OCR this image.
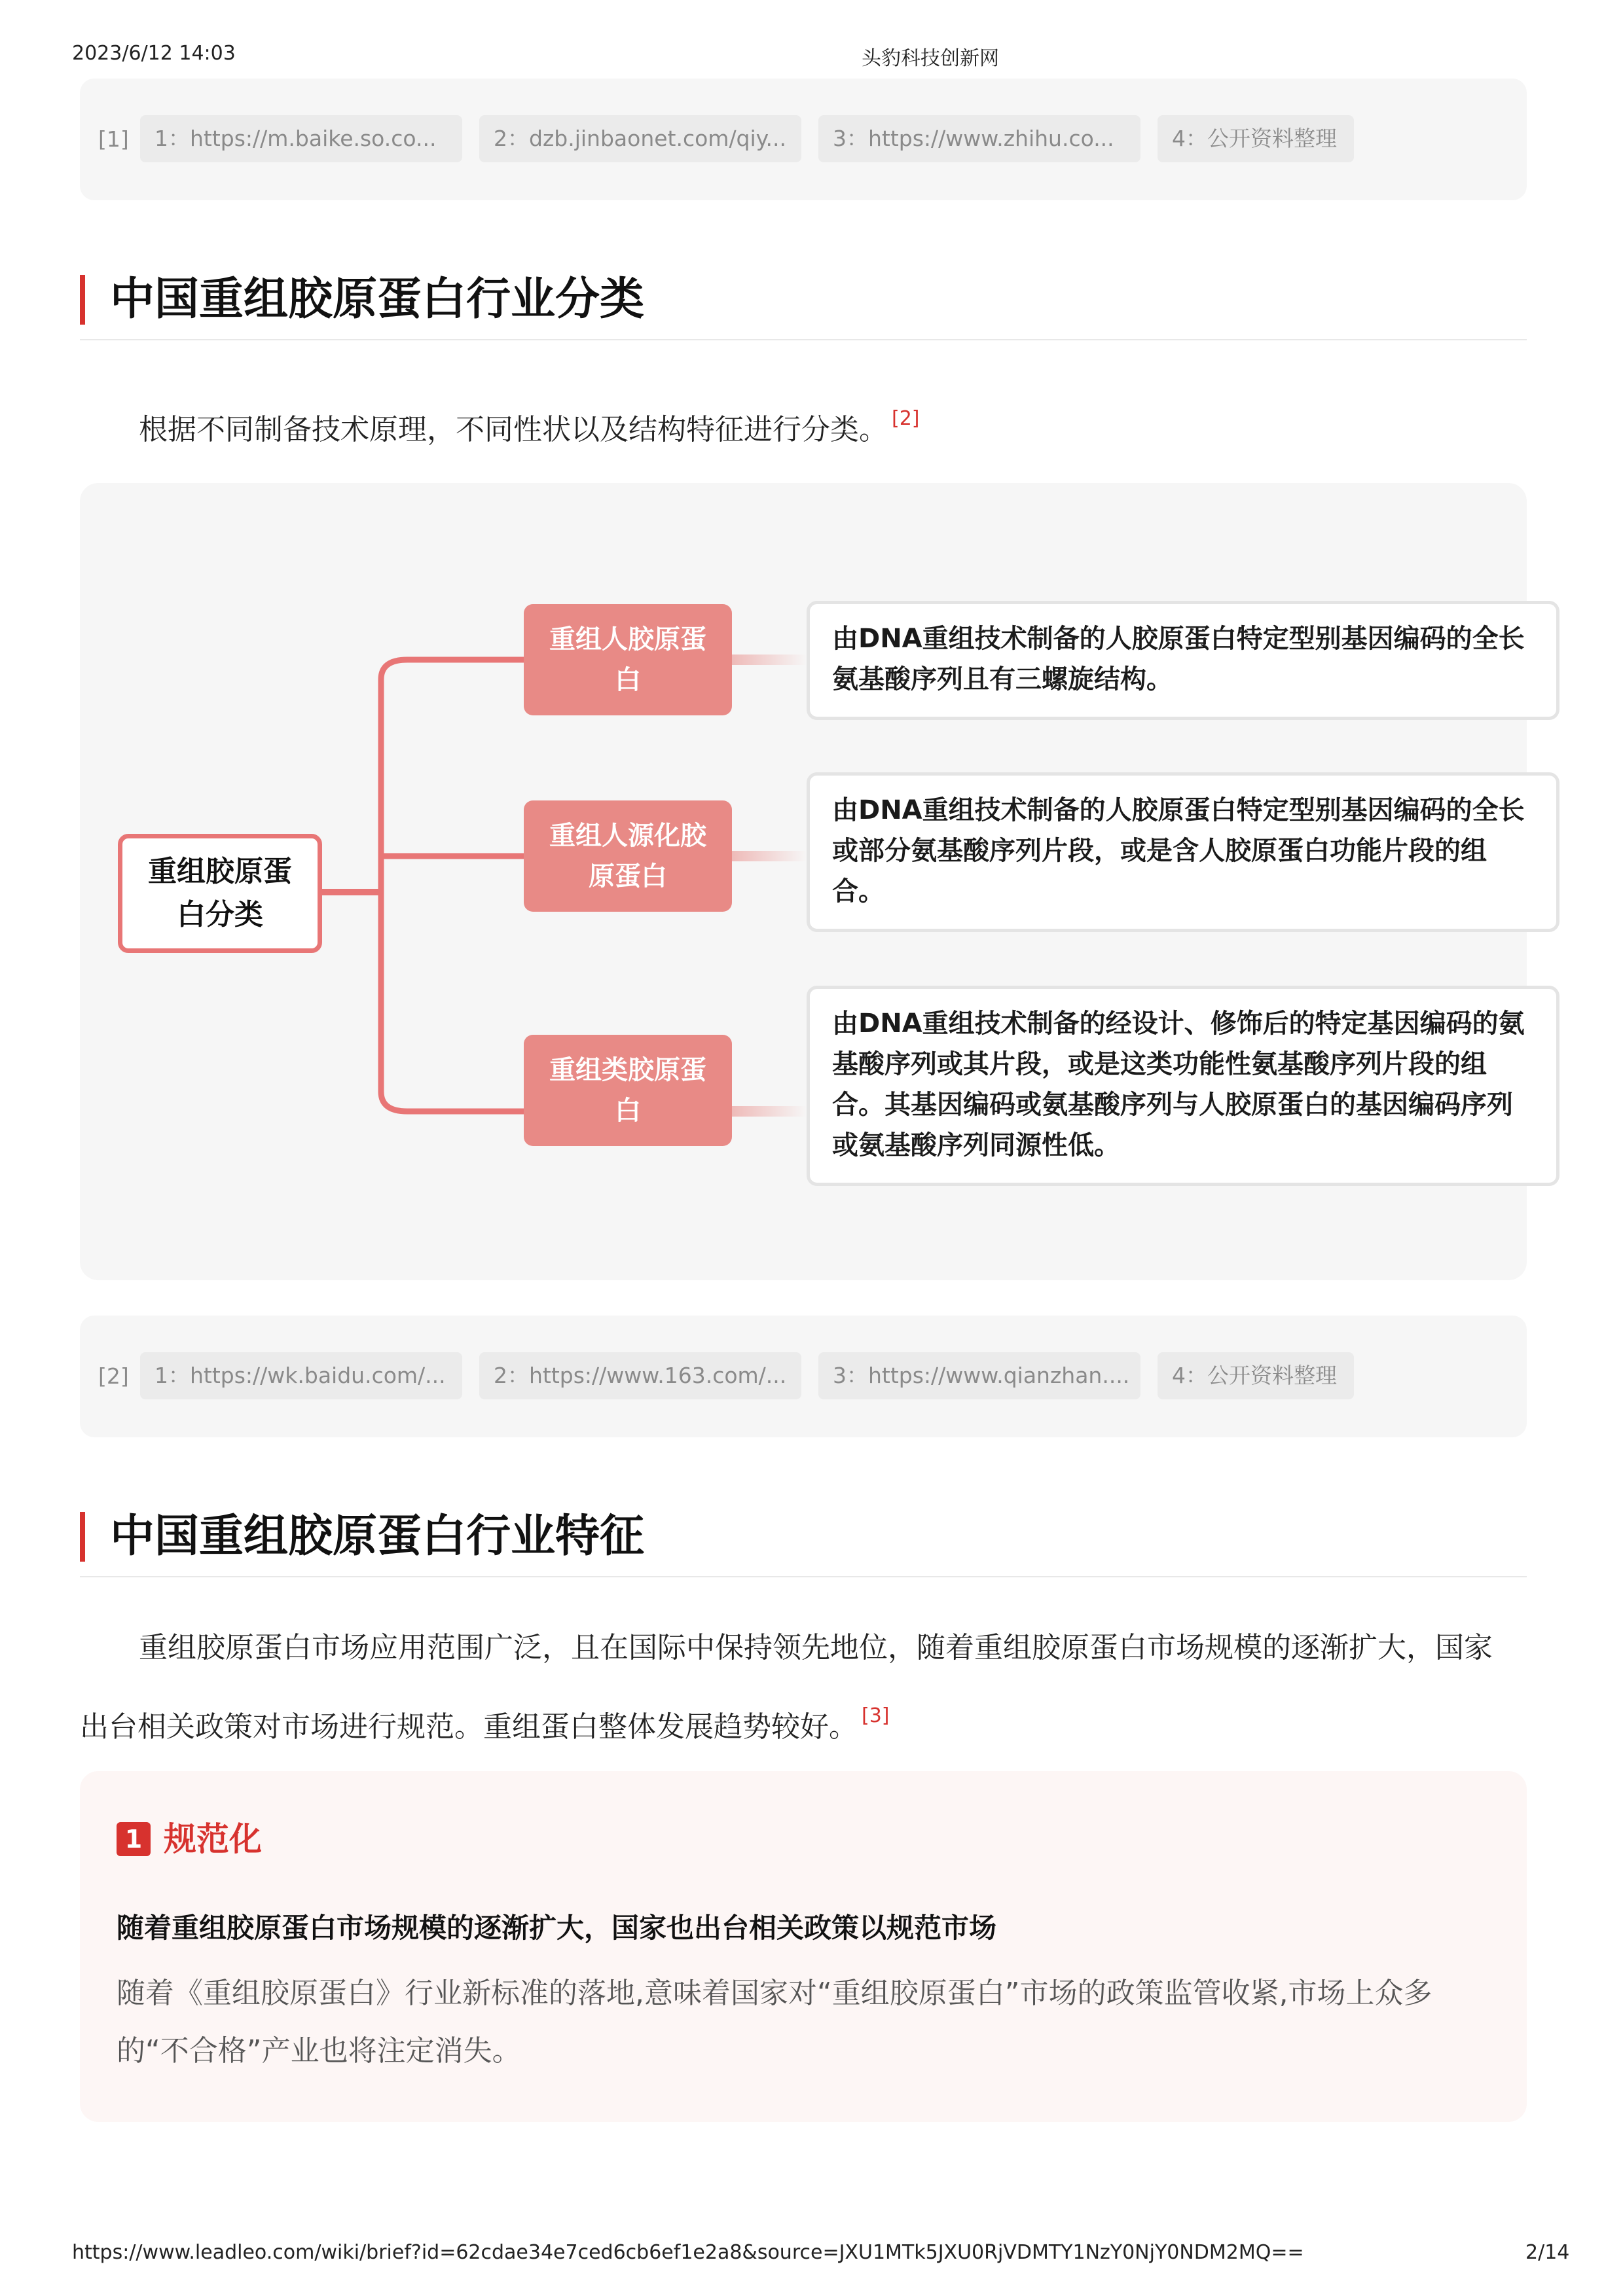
2023/6/12 14:03	头豹科技创新网
[1]	1：https://m.baike.so.co...	2：dzb.jinbaonet.com/qiy...	3：https://www.zhihu.co...	4：公开资料整理
中国重组胶原蛋白行业分类
根据不同制备技术原理，不同性状以及结构特征进行分类。 [2]
重组胶原蛋白分类
重组人胶原蛋白
重组人源化胶原蛋白
重组类胶原蛋白
由DNA重组技术制备的人胶原蛋白特定型别基因编码的全长氨基酸序列且有三螺旋结构。
由DNA重组技术制备的人胶原蛋白特定型别基因编码的全长或部分氨基酸序列片段，或是含人胶原蛋白功能片段的组合。
由DNA重组技术制备的经设计、修饰后的特定基因编码的氨基酸序列或其片段，或是这类功能性氨基酸序列片段的组合。其基因编码或氨基酸序列与人胶原蛋白的基因编码序列或氨基酸序列同源性低。
[2]	1：https://wk.baidu.com/...	2：https://www.163.com/...	3：https://www.qianzhan....	4：公开资料整理
中国重组胶原蛋白行业特征
重组胶原蛋白市场应用范围广泛，且在国际中保持领先地位，随着重组胶原蛋白市场规模的逐渐扩大，国家
出台相关政策对市场进行规范。重组蛋白整体发展趋势较好。 [3]
1 规范化
随着重组胶原蛋白市场规模的逐渐扩大，国家也出台相关政策以规范市场
随着《重组胶原蛋白》行业新标准的落地,意味着国家对“重组胶原蛋白”市场的政策监管收紧,市场上众多的“不合格”产业也将注定消失。
https://www.leadleo.com/wiki/brief?id=62cdae34e7ced6cb6ef1e2a8&source=JXU1MTk5JXU0RjVDMTY1NzY0NjY0NDM2MQ==	2/14
